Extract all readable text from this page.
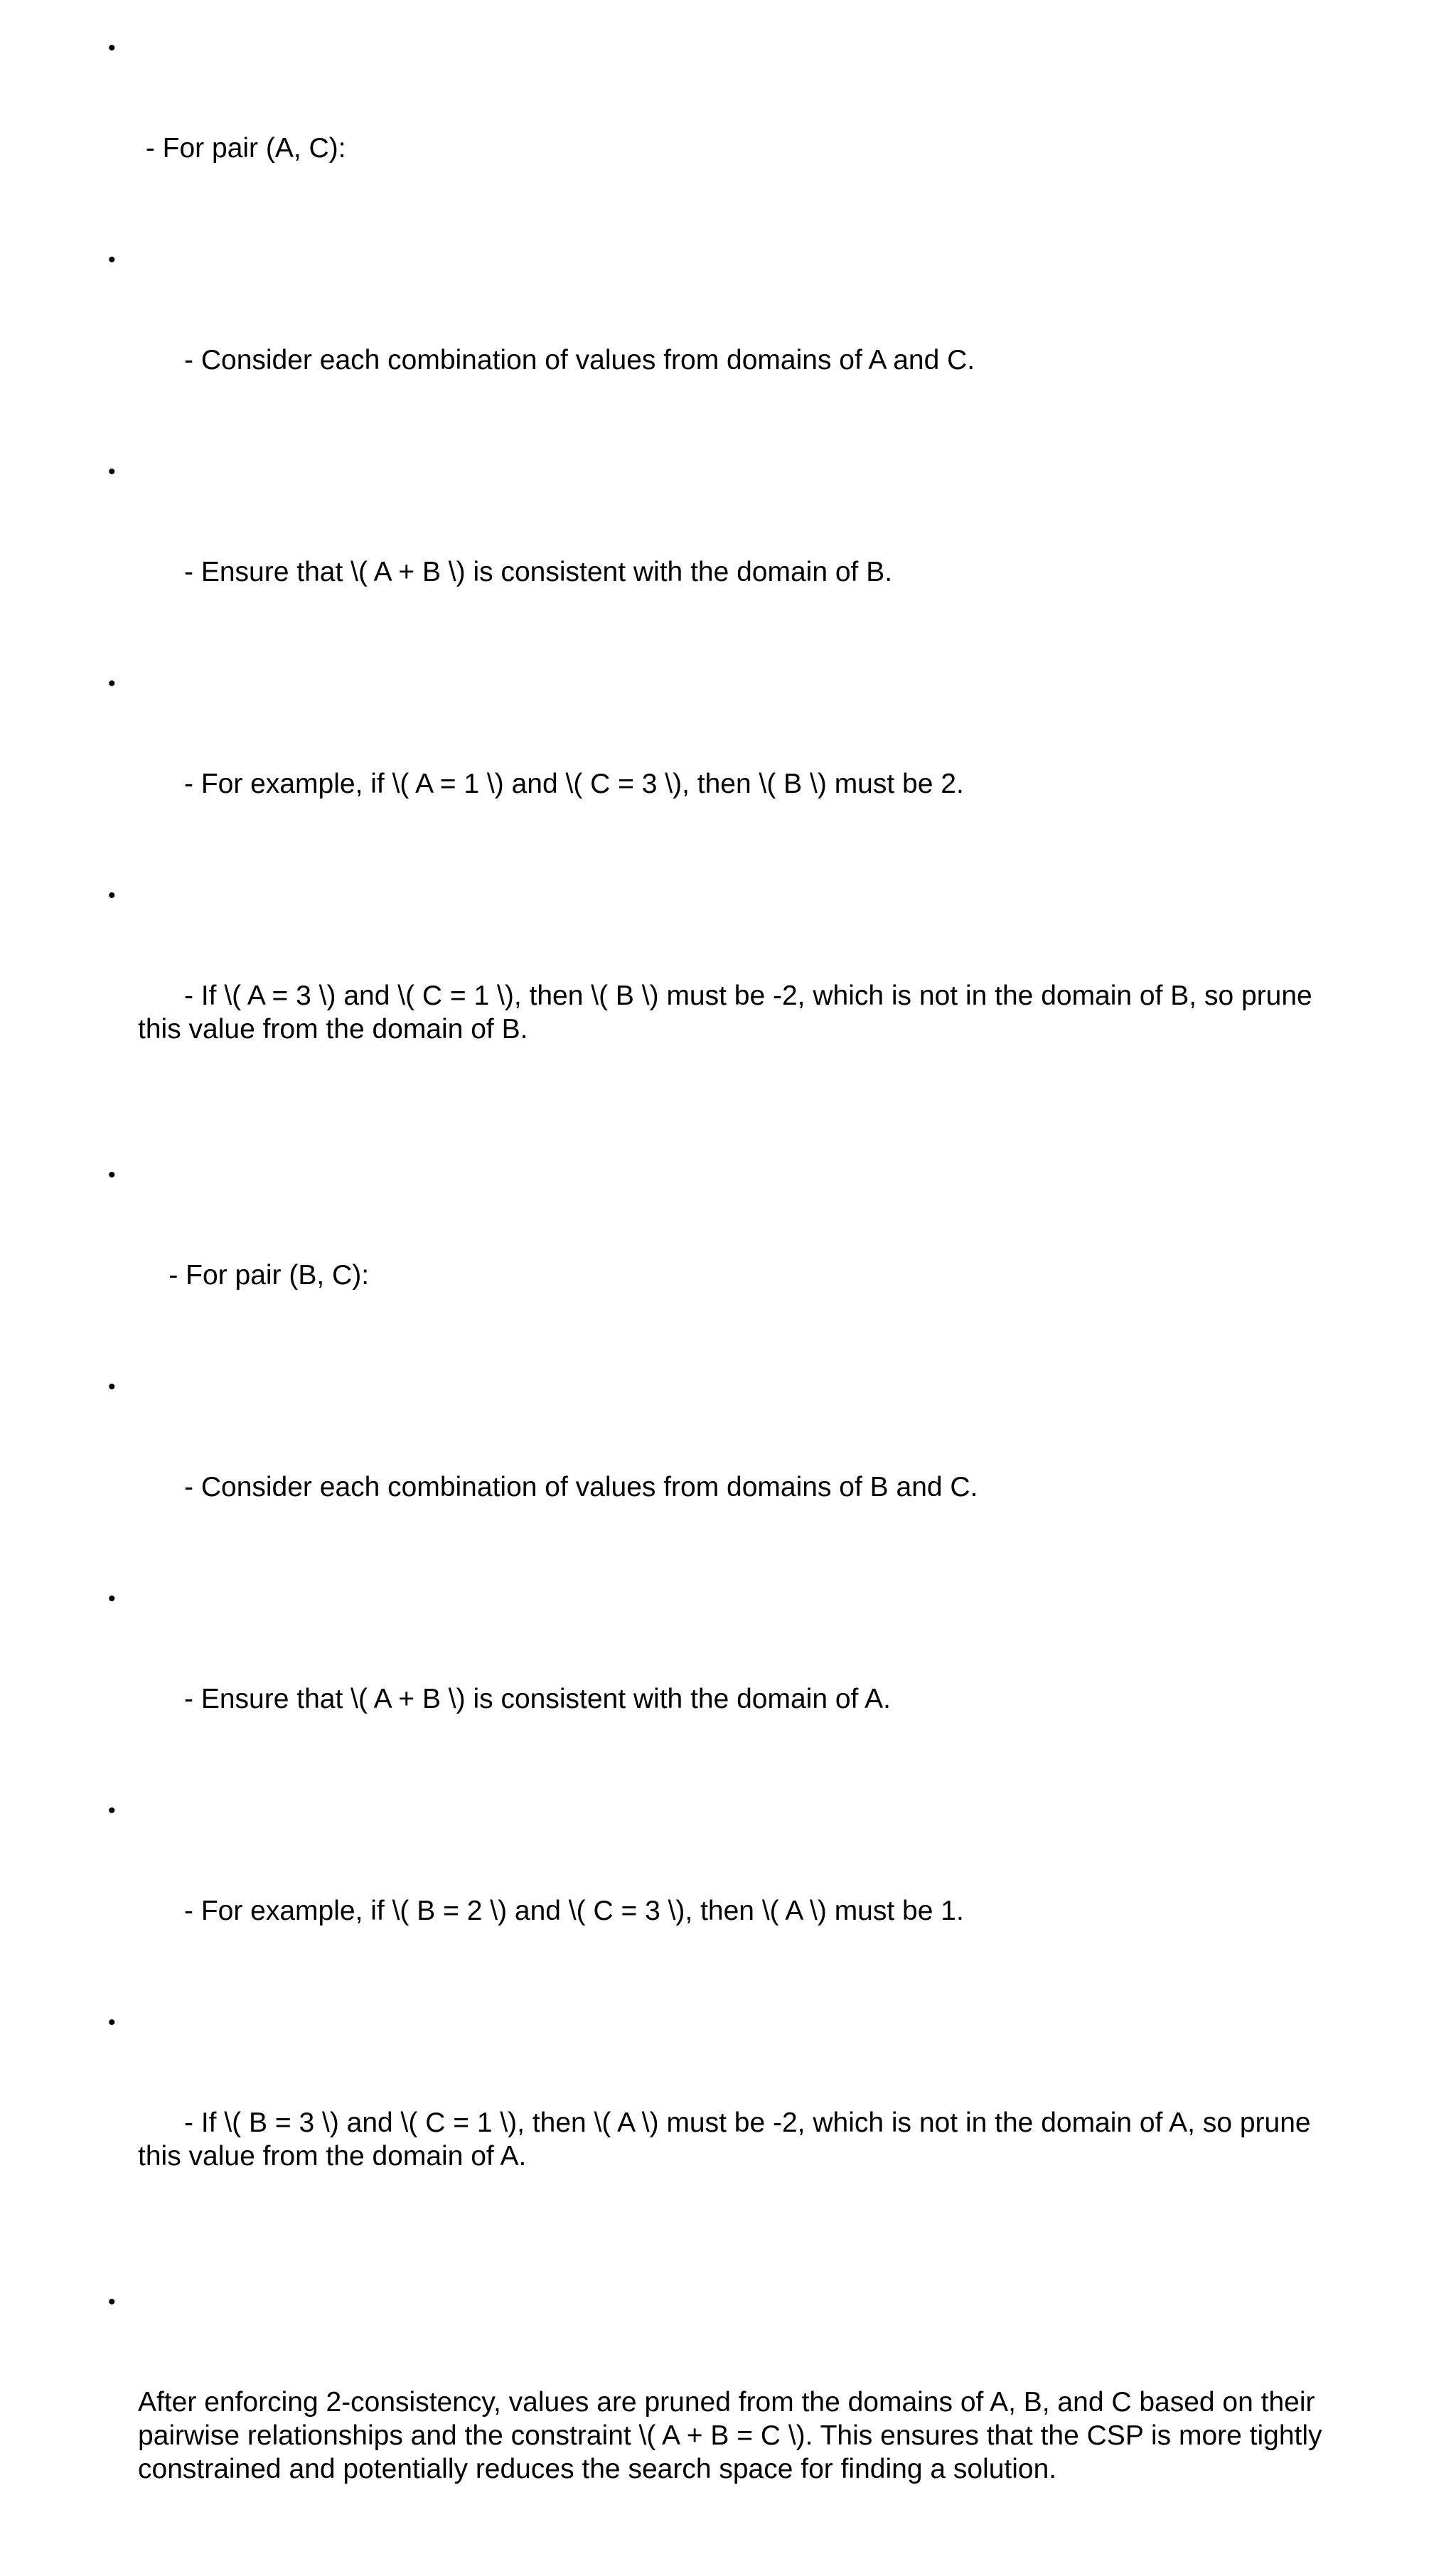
•

- For pair (A, C):

•

- Consider each combination of values from domains of A and C.

•

- Ensure that \( A + B \) is consistent with the domain of B.

•

- For example, if \( A = 1 \) and \( C = 3 \), then \( B \) must be 2.

•

- If \( A = 3 \) and \( C = 1 \), then \( B \) must be -2, which is not in the domain of B, so prune this value from the domain of B.

•

- For pair (B, C):

•

- Consider each combination of values from domains of B and C.

•

- Ensure that \( A + B \) is consistent with the domain of A.

•

- For example, if \( B = 2 \) and \( C = 3 \), then \( A \) must be 1.

•

- If \( B = 3 \) and \( C = 1 \), then \( A \) must be -2, which is not in the domain of A, so prune this value from the domain of A.

•

After enforcing 2-consistency, values are pruned from the domains of A, B, and C based on their pairwise relationships and the constraint \( A + B = C \). This ensures that the CSP is more tightly constrained and potentially reduces the search space for finding a solution.
